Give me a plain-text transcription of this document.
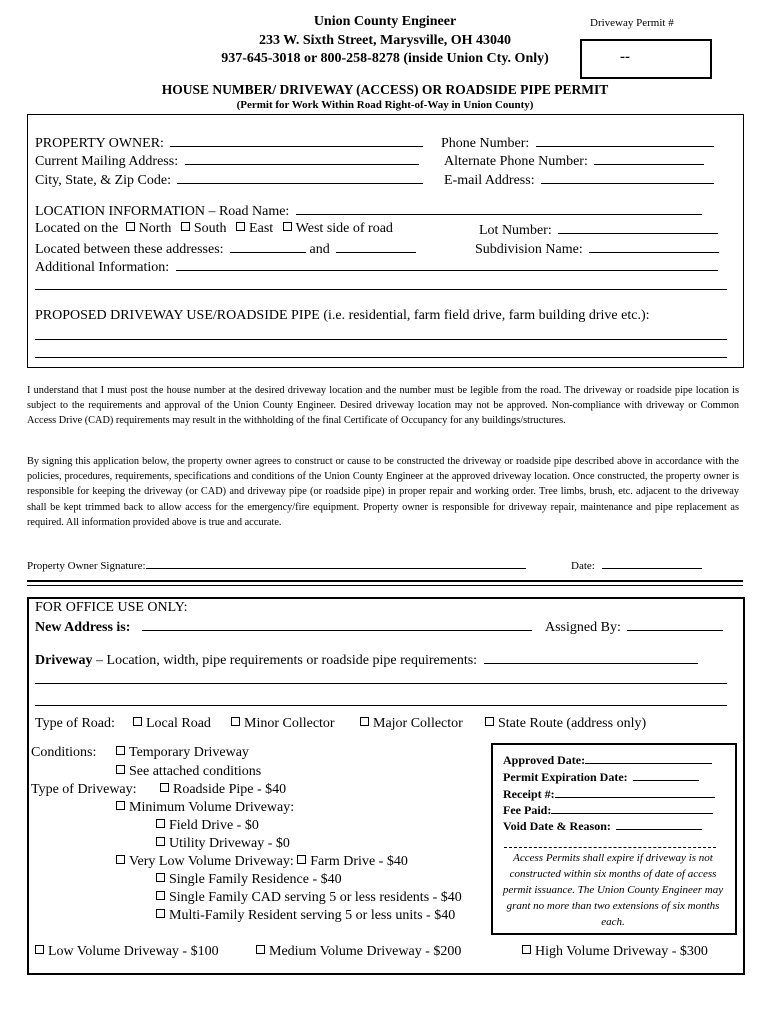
Union County Engineer
233 W. Sixth Street, Marysville, OH 43040
937-645-3018 or 800-258-8278 (inside Union Cty. Only)
Driveway Permit #
--
HOUSE NUMBER/ DRIVEWAY (ACCESS) OR ROADSIDE PIPE PERMIT
(Permit for Work Within Road Right-of-Way in Union County)
PROPERTY OWNER:	Phone Number:
Current Mailing Address:	Alternate Phone Number:
City, State, & Zip Code:	E-mail Address:
LOCATION INFORMATION – Road Name:
Located on the North South East West side of road	Lot Number:
Located between these addresses:	and	Subdivision Name:
Additional Information:
PROPOSED DRIVEWAY USE/ROADSIDE PIPE (i.e. residential, farm field drive, farm building drive etc.):
I understand that I must post the house number at the desired driveway location and the number must be legible from the road. The driveway or roadside pipe location is subject to the requirements and approval of the Union County Engineer. Desired driveway location may not be approved. Non-compliance with driveway or Common Access Drive (CAD) requirements may result in the withholding of the final Certificate of Occupancy for any buildings/structures.
By signing this application below, the property owner agrees to construct or cause to be constructed the driveway or roadside pipe described above in accordance with the policies, procedures, requirements, specifications and conditions of the Union County Engineer at the approved driveway location. Once constructed, the property owner is responsible for keeping the driveway (or CAD) and driveway pipe (or roadside pipe) in proper repair and working order. Tree limbs, brush, etc. adjacent to the driveway shall be kept trimmed back to allow access for the emergency/fire equipment. Property owner is responsible for driveway repair, maintenance and pipe replacement as required. All information provided above is true and accurate.
Property Owner Signature:	Date:
FOR OFFICE USE ONLY:
New Address is:	Assigned By:
Driveway – Location, width, pipe requirements or roadside pipe requirements:
Type of Road:	Local Road	Minor Collector	Major Collector	State Route (address only)
Conditions:	Temporary Driveway
See attached conditions
Type of Driveway:	Roadside Pipe - $40
Minimum Volume Driveway:
Field Drive - $0
Utility Driveway - $0
Very Low Volume Driveway: Farm Drive - $40
Single Family Residence - $40
Single Family CAD serving 5 or less residents - $40
Multi-Family Resident serving 5 or less units - $40
Low Volume Driveway - $100	Medium Volume Driveway - $200	High Volume Driveway - $300
Approved Date:
Permit Expiration Date:
Receipt #:
Fee Paid:
Void Date & Reason:
Access Permits shall expire if driveway is not constructed within six months of date of access permit issuance. The Union County Engineer may grant no more than two extensions of six months each.
